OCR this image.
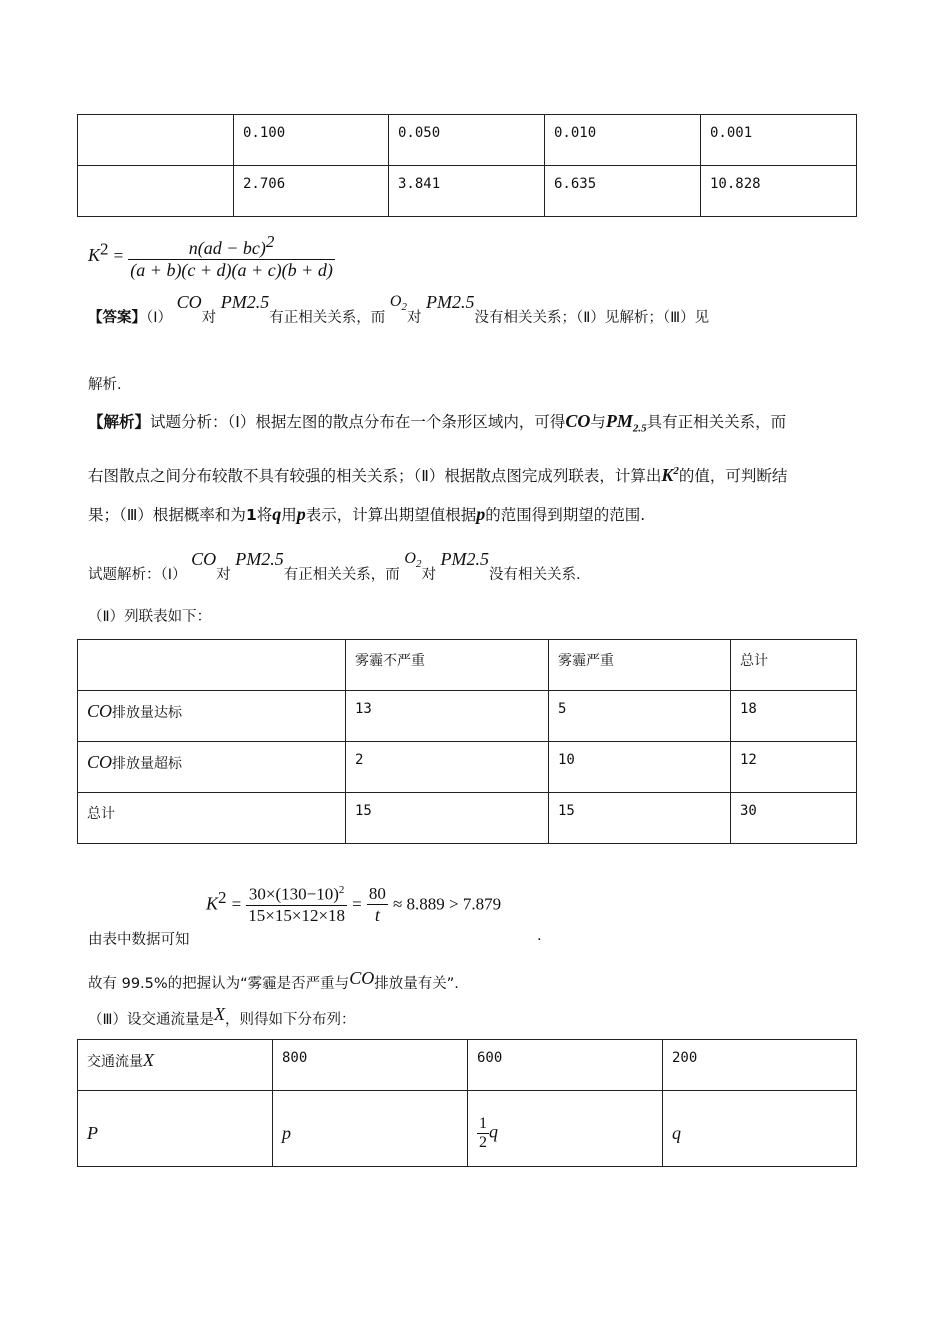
	0.100	0.050	0.010	0.001
	2.706	3.841	6.635	10.828
$K^2 = \frac{n(ad - bc)^2}{(a + b)(c + d)(a + c)(b + d)}$
【答案】（Ⅰ） CO对 PM2.5有正相关关系，而 $O_2$对 PM2.5没有相关关系；（Ⅱ）见解析；（Ⅲ）见
解析.
【解析】试题分析：（Ⅰ）根据左图的散点分布在一个条形区域内，可得CO与$PM_{2.5}$具有正相关关系，而
右图散点之间分布较散不具有较强的相关关系；（Ⅱ）根据散点图完成列联表，计算出$K^2$的值，可判断结
果；（Ⅲ）根据概率和为1将q用p表示，计算出期望值根据p的范围得到期望的范围.
试题解析：（Ⅰ） CO对 PM2.5有正相关关系，而 $O_2$对 PM2.5没有相关关系.
（Ⅱ）列联表如下：
	雾霾不严重	雾霾严重	总计
CO排放量达标	13	5	18
CO排放量超标	2	10	12
总计	15	15	30
由表中数据可知
$K^2 = \frac{30\times(130-10)^2}{15\times 15\times 12\times 18} = \frac{80}{t} \approx 8.889 > 7.879$
.
故有 99.5%的把握认为“雾霾是否严重与CO排放量有关”.
（Ⅲ）设交通流量是X，则得如下分布列：
交通流量X	800	600	200
P	p	$\frac{1}{2}$ q	q
